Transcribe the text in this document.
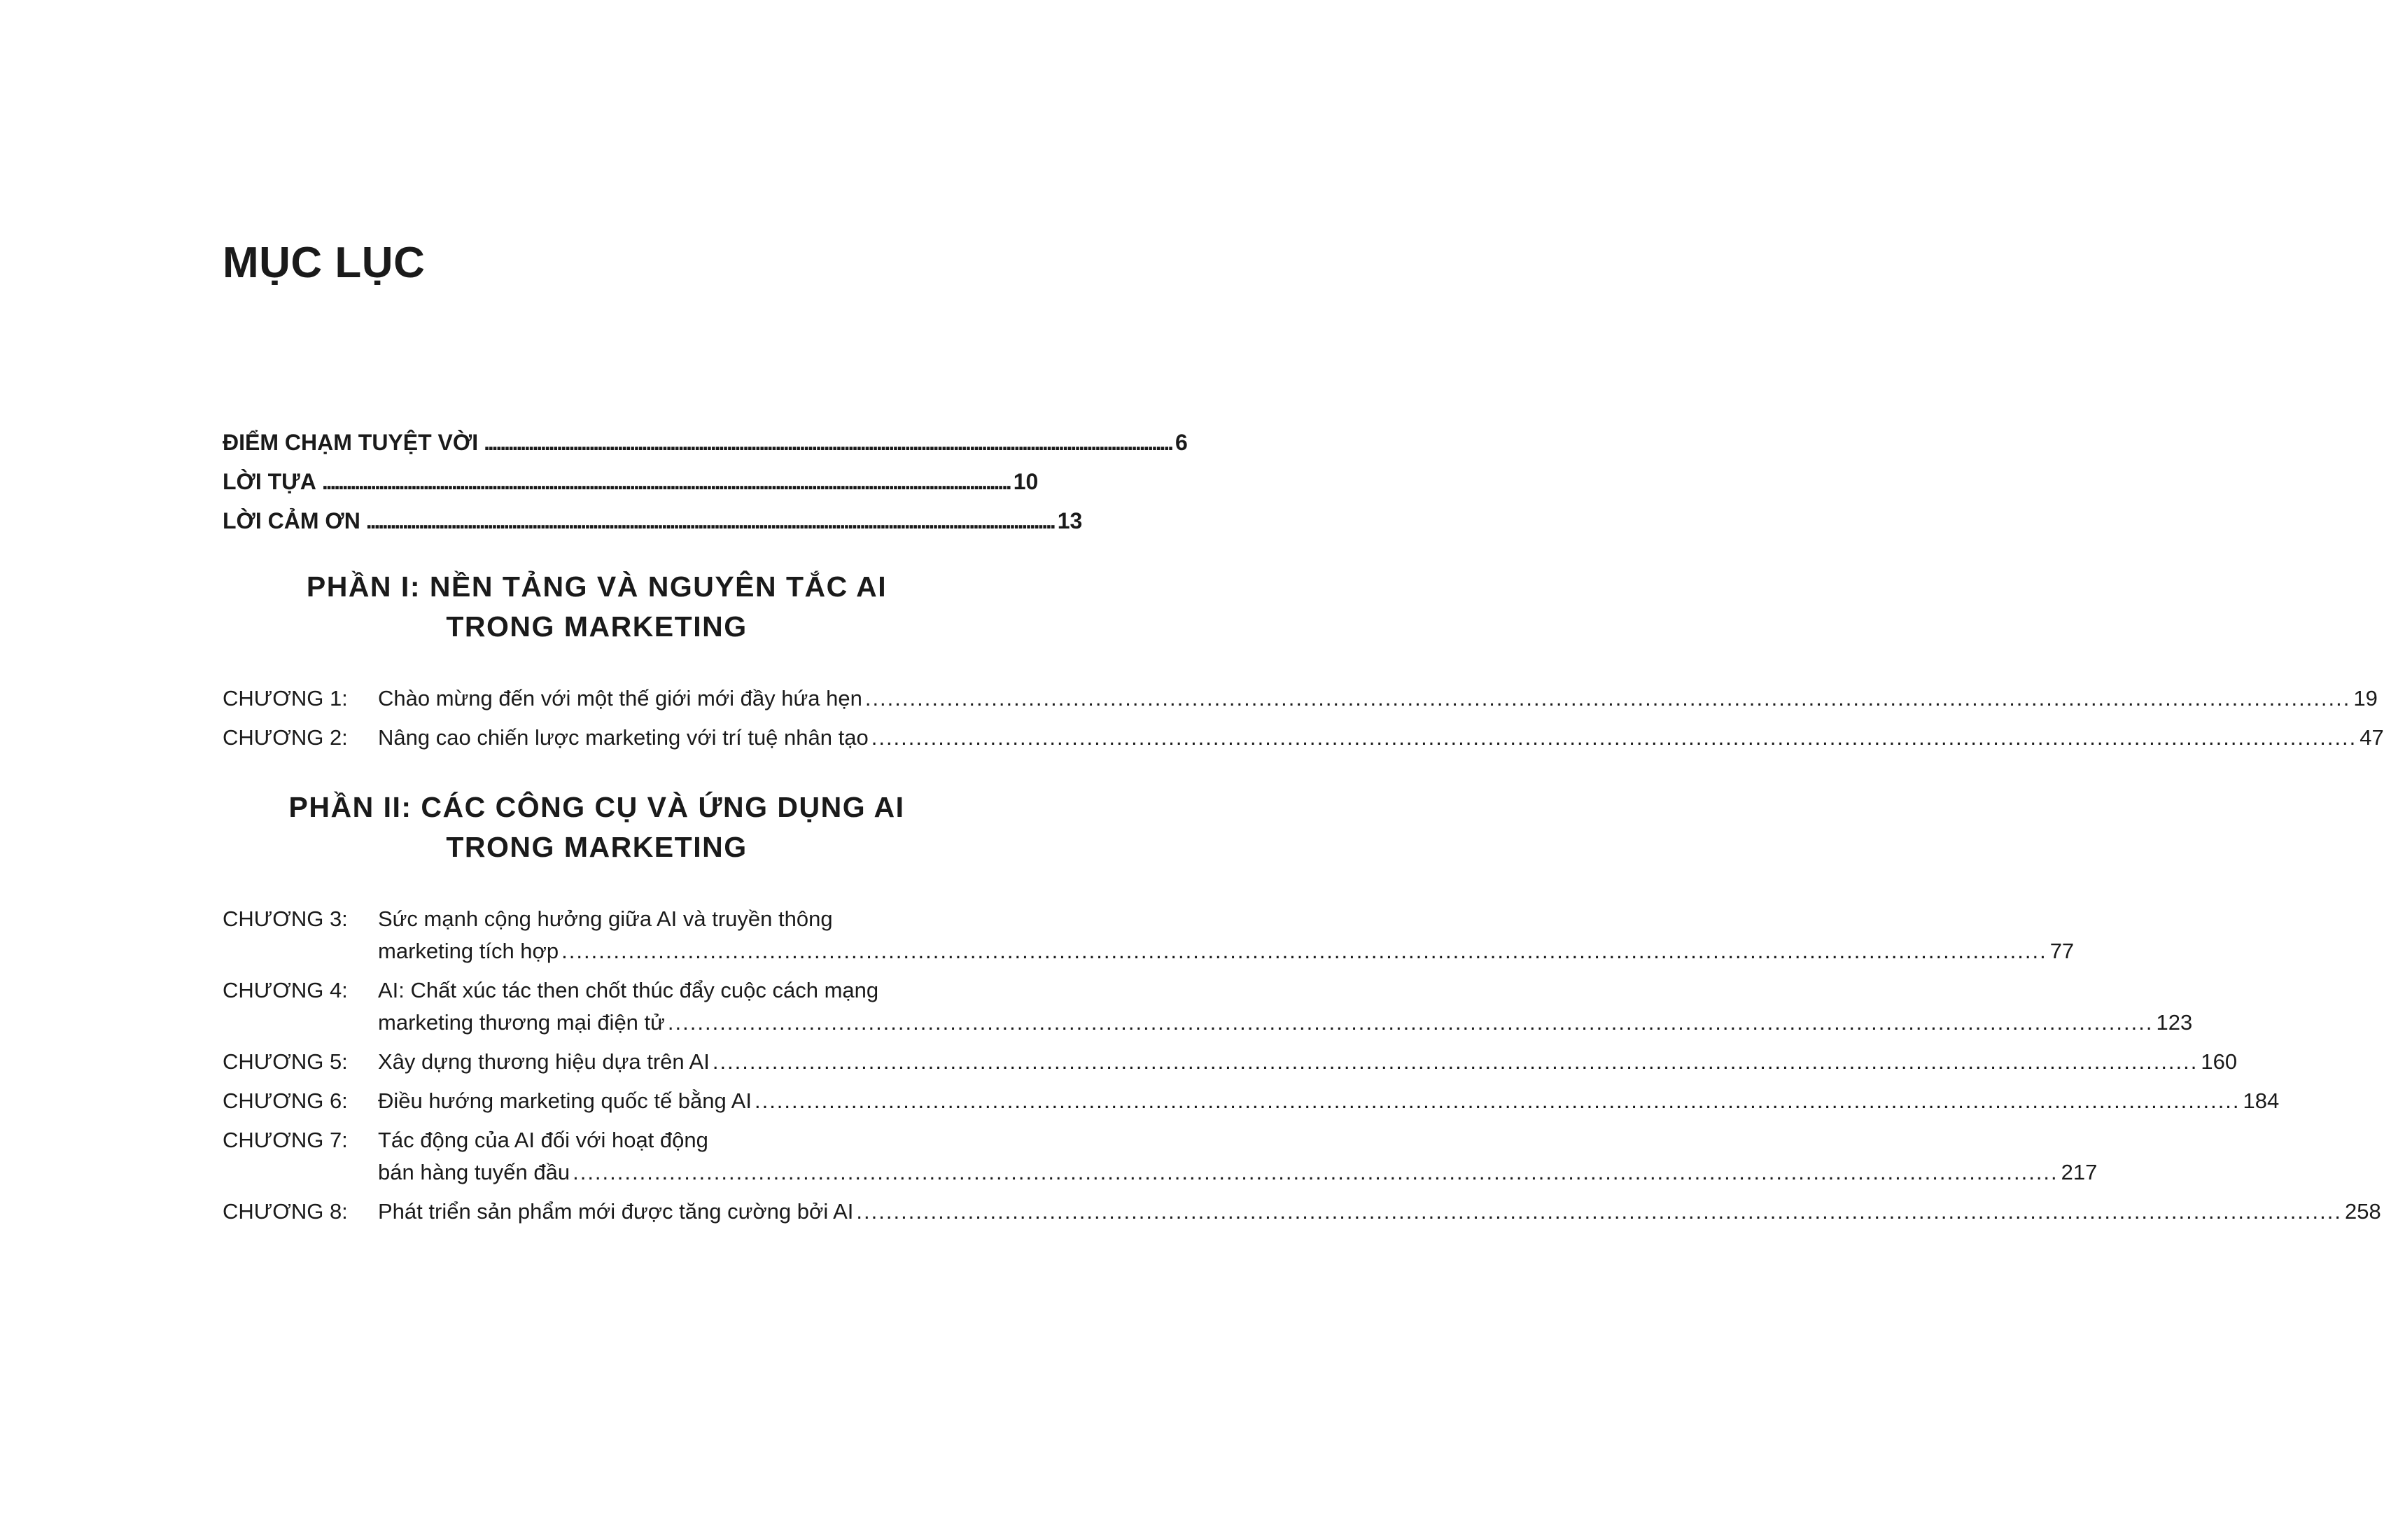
MỤC LỤC
ĐIỂM CHẠM TUYỆT VỜI . . .	6
LỜI TỰA . . .	10
LỜI CẢM ƠN . . .	13
PHẦN I: NỀN TẢNG VÀ NGUYÊN TẮC AI
TRONG MARKETING
CHƯƠNG 1:	Chào mừng đến với một thế giới mới đầy hứa hẹn .....	19
CHƯƠNG 2:	Nâng cao chiến lược marketing với trí tuệ nhân tạo .....	47
PHẦN II: CÁC CÔNG CỤ VÀ ỨNG DỤNG AI
TRONG MARKETING
CHƯƠNG 3:	Sức mạnh cộng hưởng giữa AI và truyền thông
marketing tích hợp .....	77
CHƯƠNG 4:	AI: Chất xúc tác then chốt thúc đẩy cuộc cách mạng
marketing thương mại điện tử .....	123
CHƯƠNG 5:	Xây dựng thương hiệu dựa trên AI .....	160
CHƯƠNG 6:	Điều hướng marketing quốc tế bằng AI .....	184
CHƯƠNG 7:	Tác động của AI đối với hoạt động
bán hàng tuyến đầu .....	217
CHƯƠNG 8:	Phát triển sản phẩm mới được tăng cường bởi AI .....	258
